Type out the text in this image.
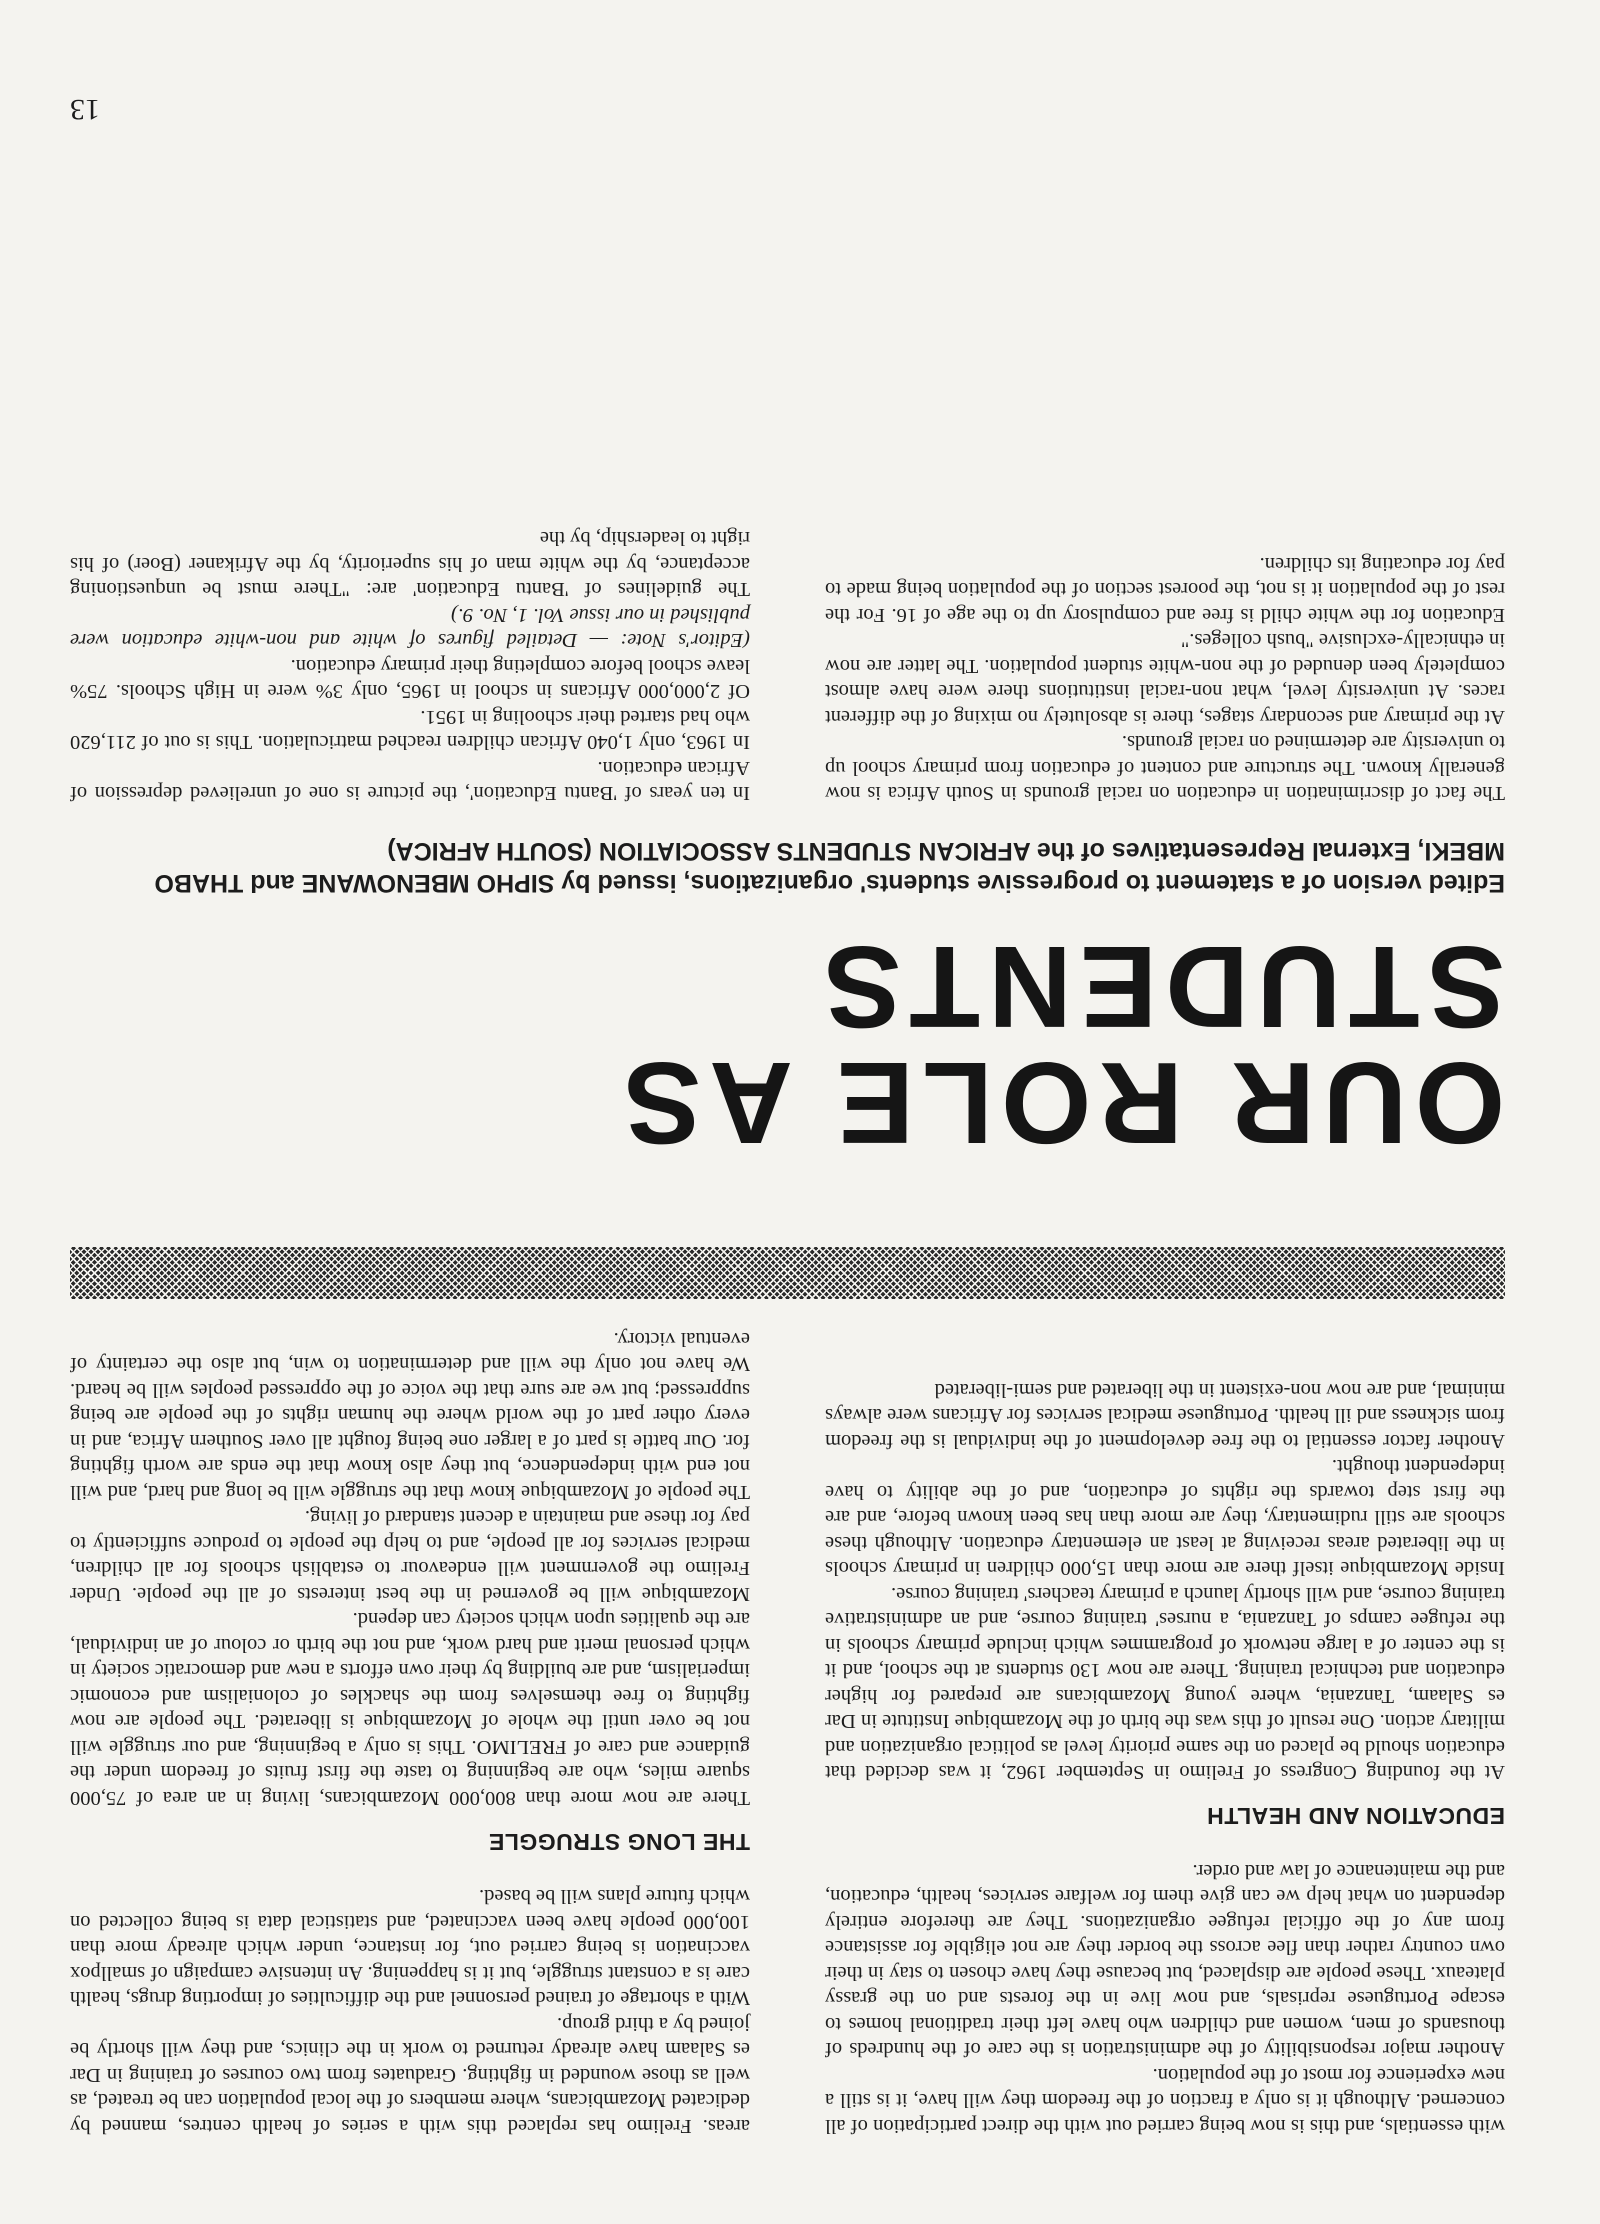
with essentials, and this is now being carried out with the direct participation of all concerned. Although it is only a fraction of the freedom they will have, it is still a new experience for most of the population.

Another major responsibility of the administration is the care of the hundreds of thousands of men, women and children who have left their traditional homes to escape Portuguese reprisals, and now live in the forests and on the grassy plateaux. These people are displaced, but because they have chosen to stay in their own country rather than flee across the border they are not eligible for assistance from any of the official refugee organizations. They are therefore entirely dependent on what help we can give them for welfare services, health, education, and the maintenance of law and order.

EDUCATION AND HEALTH

At the founding Congress of Frelimo in September 1962, it was decided that education should be placed on the same priority level as political organization and military action. One result of this was the birth of the Mozambique Institute in Dar es Salaam, Tanzania, where young Mozambicans are prepared for higher education and technical training. There are now 130 students at the school, and it is the center of a large network of programmes which include primary schools in the refugee camps of Tanzania, a nurses' training course, and an administrative training course, and will shortly launch a primary teachers' training course.

Inside Mozambique itself there are more than 15,000 children in primary schools in the liberated areas receiving at least an elementary education. Although these schools are still rudimentary, they are more than has been known before, and are the first step towards the rights of education, and of the ability to have independent thought.

Another factor essential to the free development of the individual is the freedom from sickness and ill health. Portuguese medical services for Africans were always minimal, and are now non-existent in the liberated and semi-liberated

areas. Frelimo has replaced this with a series of health centres, manned by dedicated Mozambicans, where members of the local population can be treated, as well as those wounded in fighting. Graduates from two courses of training in Dar es Salaam have already returned to work in the clinics, and they will shortly be joined by a third group.

With a shortage of trained personnel and the difficulties of importing drugs, health care is a constant struggle, but it is happening. An intensive campaign of smallpox vaccination is being carried out, for instance, under which already more than 100,000 people have been vaccinated, and statistical data is being collected on which future plans will be based.

THE LONG STRUGGLE

There are now more than 800,000 Mozambicans, living in an area of 75,000 square miles, who are beginning to taste the first fruits of freedom under the guidance and care of FRELIMO. This is only a beginning, and our struggle will not be over until the whole of Mozambique is liberated. The people are now fighting to free themselves from the shackles of colonialism and economic imperialism, and are building by their own efforts a new and democratic society in which personal merit and hard work, and not the birth or colour of an individual, are the qualities upon which society can depend.

Mozambique will be governed in the best interests of all the people. Under Frelimo the government will endeavour to establish schools for all children, medical services for all people, and to help the people to produce sufficiently to pay for these and maintain a decent standard of living.

The people of Mozambique know that the struggle will be long and hard, and will not end with independence, but they also know that the ends are worth fighting for. Our battle is part of a larger one being fought all over Southern Africa, and in every other part of the world where the human rights of the people are being suppressed; but we are sure that the voice of the oppressed peoples will be heard. We have not only the will and determination to win, but also the certainty of eventual victory.

OUR ROLE AS STUDENTS
Edited version of a statement to progressive students' organizations, issued by SIPHO MBENOWANE and THABO MBEKI, External Representatives of the AFRICAN STUDENTS ASSOCIATION (SOUTH AFRICA)

The fact of discrimination in education on racial grounds in South Africa is now generally known. The structure and content of education from primary school up to university are determined on racial grounds.

At the primary and secondary stages, there is absolutely no mixing of the different races. At university level, what non-racial institutions there were have almost completely been denuded of the non-white student population. The latter are now in ethnically-exclusive "bush colleges."

Education for the white child is free and compulsory up to the age of 16. For the rest of the population it is not, the poorest section of the population being made to pay for educating its children.

In ten years of 'Bantu Education', the picture is one of unrelieved depression of African education.

In 1963, only 1,040 African children reached matriculation. This is out of 211,620 who had started their schooling in 1951.

Of 2,000,000 Africans in school in 1965, only 3% were in High Schools. 75% leave school before completing their primary education.

(Editor's Note: — Detailed figures of white and non-white education were published in our issue Vol. 1, No. 9.)

The guidelines of 'Bantu Education' are: "There must be unquestioning acceptance, by the white man of his superiority, by the Afrikaner (Boer) of his right to leadership, by the

13
